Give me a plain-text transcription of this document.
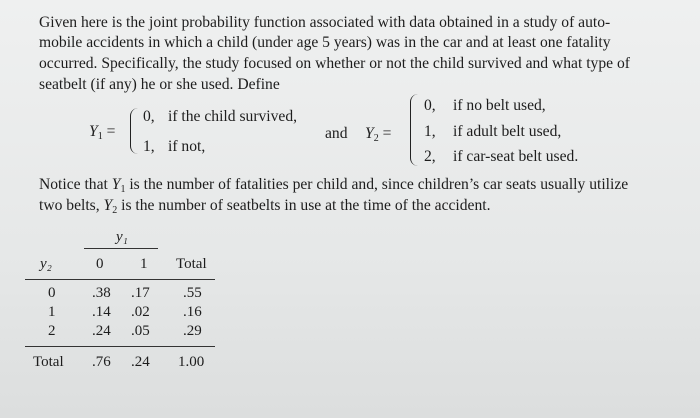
Given here is the joint probability function associated with data obtained in a study of auto-
mobile accidents in which a child (under age 5 years) was in the car and at least one fatality
occurred. Specifically, the study focused on whether or not the child survived and what type of
seatbelt (if any) he or she used. Define
$Y_1$ =
0, if the child survived,
1, if not,
and $Y_2$ =
0, if no belt used,
1, if adult belt used,
2, if car-seat belt used.
Notice that $Y_1$ is the number of fatalities per child and, since children’s car seats usually utilize
two belts, $Y_2$ is the number of seatbelts in use at the time of the accident.
y₁
y₂	0 1 Total
0 .38 .17 .55
1 .14 .02 .16
2 .24 .05 .29
Total .76 .24 1.00
